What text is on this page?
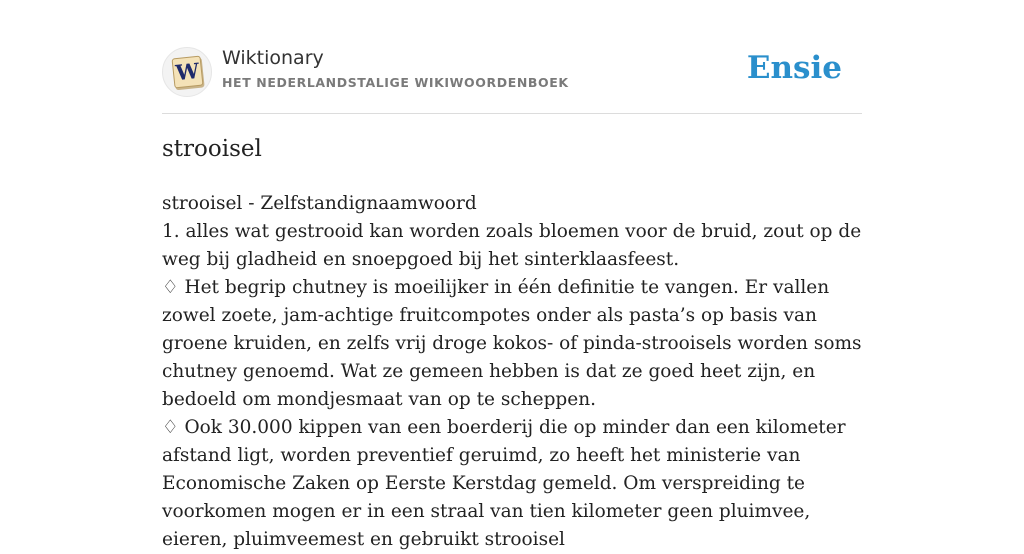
W Wiktionary
HET NEDERLANDSTALIGE WIKIWOORDENBOEK	Ensie
strooisel

strooisel - Zelfstandignaamwoord

1. alles wat gestrooid kan worden zoals bloemen voor de bruid, zout op de weg bij gladheid en snoepgoed bij het sinterklaasfeest.

♢ Het begrip chutney is moeilijker in één definitie te vangen. Er vallen zowel zoete, jam-achtige fruitcompotes onder als pasta’s op basis van groene kruiden, en zelfs vrij droge kokos- of pinda-strooisels worden soms chutney genoemd. Wat ze gemeen hebben is dat ze goed heet zijn, en bedoeld om mondjesmaat van op te scheppen.

♢ Ook 30.000 kippen van een boerderij die op minder dan een kilometer afstand ligt, worden preventief geruimd, zo heeft het ministerie van Economische Zaken op Eerste Kerstdag gemeld. Om verspreiding te voorkomen mogen er in een straal van tien kilometer geen pluimvee, eieren, pluimveemest en gebruikt strooisel
